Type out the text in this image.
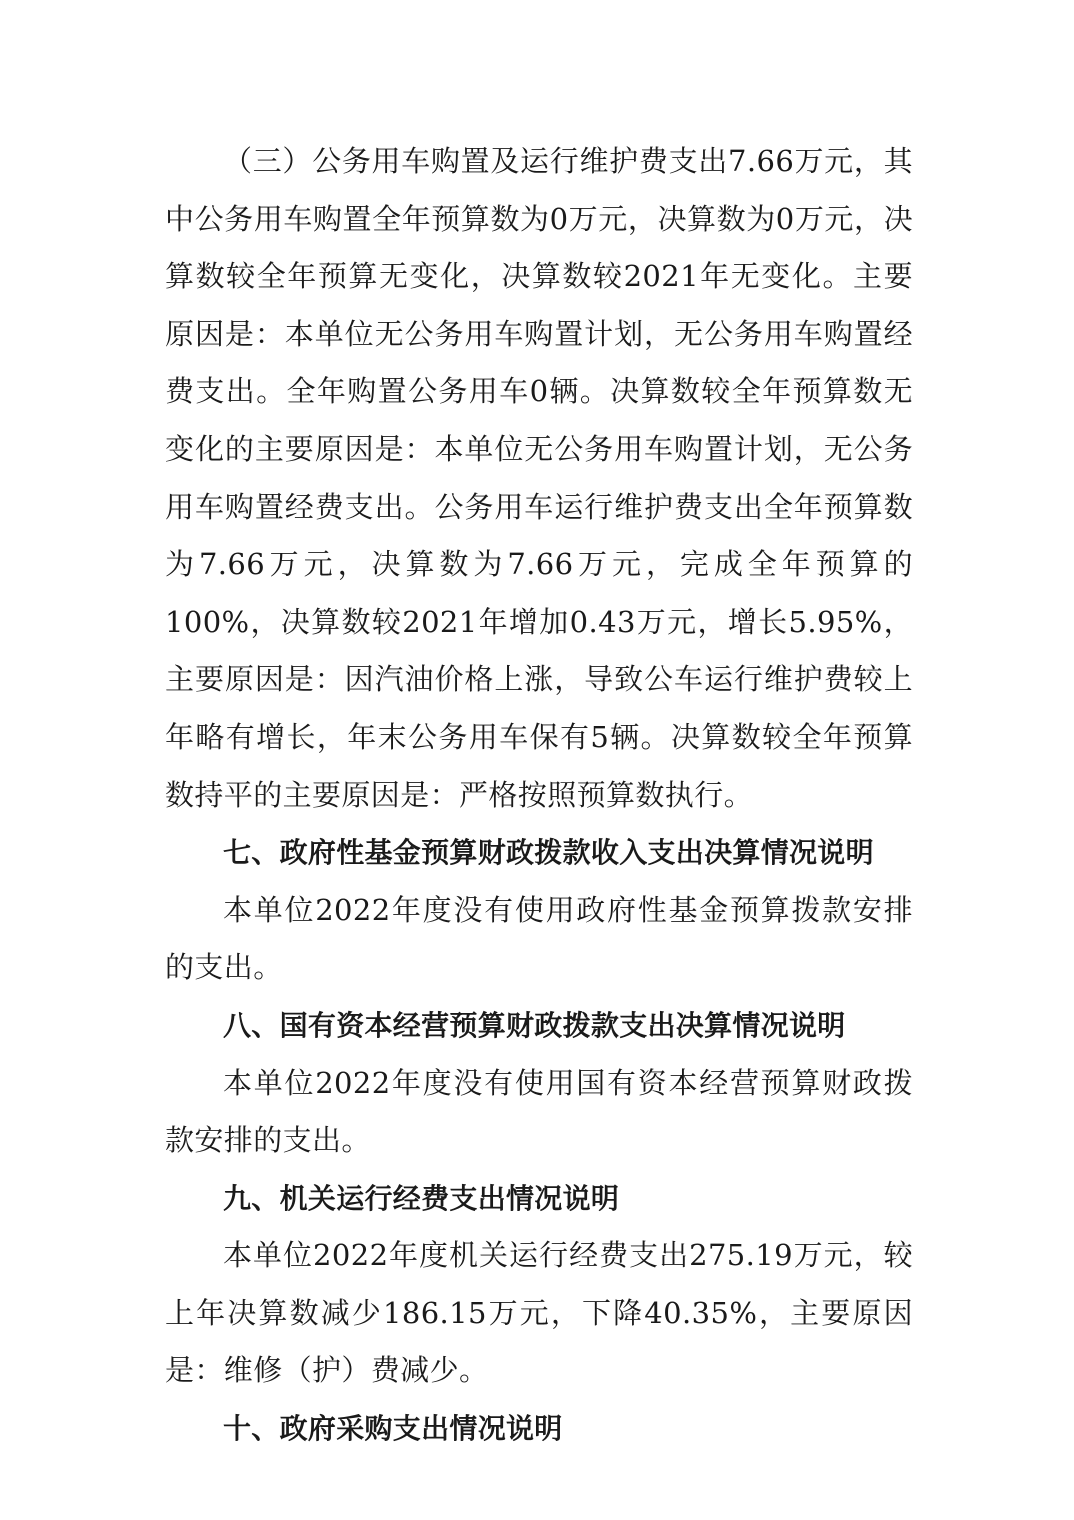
（三）公务用车购置及运行维护费支出7.66万元，其中公务用车购置全年预算数为0万元，决算数为0万元，决算数较全年预算无变化，决算数较2021年无变化。主要原因是：本单位无公务用车购置计划，无公务用车购置经费支出。全年购置公务用车0辆。决算数较全年预算数无变化的主要原因是：本单位无公务用车购置计划，无公务用车购置经费支出。公务用车运行维护费支出全年预算数为7.66万元，决算数为7.66万元，完成全年预算的100%，决算数较2021年增加0.43万元，增长5.95%，主要原因是：因汽油价格上涨，导致公车运行维护费较上年略有增长，年末公务用车保有5辆。决算数较全年预算数持平的主要原因是：严格按照预算数执行。

七、政府性基金预算财政拨款收入支出决算情况说明

本单位2022年度没有使用政府性基金预算拨款安排的支出。

八、国有资本经营预算财政拨款支出决算情况说明

本单位2022年度没有使用国有资本经营预算财政拨款安排的支出。

九、机关运行经费支出情况说明

本单位2022年度机关运行经费支出275.19万元，较上年决算数减少186.15万元，下降40.35%，主要原因是：维修（护）费减少。

十、政府采购支出情况说明
